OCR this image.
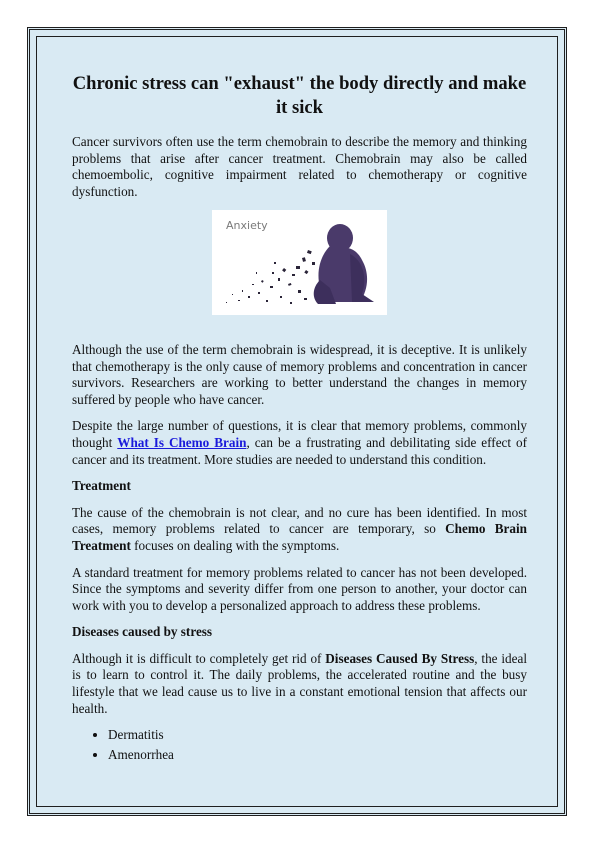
Chronic stress can "exhaust" the body directly and make it sick

Cancer survivors often use the term chemobrain to describe the memory and thinking problems that arise after cancer treatment. Chemobrain may also be called chemoembolic, cognitive impairment related to chemotherapy or cognitive dysfunction.

Anxiety

Although the use of the term chemobrain is widespread, it is deceptive. It is unlikely that chemotherapy is the only cause of memory problems and concentration in cancer survivors. Researchers are working to better understand the changes in memory suffered by people who have cancer.

Despite the large number of questions, it is clear that memory problems, commonly thought What Is Chemo Brain, can be a frustrating and debilitating side effect of cancer and its treatment. More studies are needed to understand this condition.

Treatment

The cause of the chemobrain is not clear, and no cure has been identified. In most cases, memory problems related to cancer are temporary, so Chemo Brain Treatment focuses on dealing with the symptoms.

A standard treatment for memory problems related to cancer has not been developed. Since the symptoms and severity differ from one person to another, your doctor can work with you to develop a personalized approach to address these problems.

Diseases caused by stress

Although it is difficult to completely get rid of Diseases Caused By Stress, the ideal is to learn to control it. The daily problems, the accelerated routine and the busy lifestyle that we lead cause us to live in a constant emotional tension that affects our health.

• Dermatitis
• Amenorrhea
